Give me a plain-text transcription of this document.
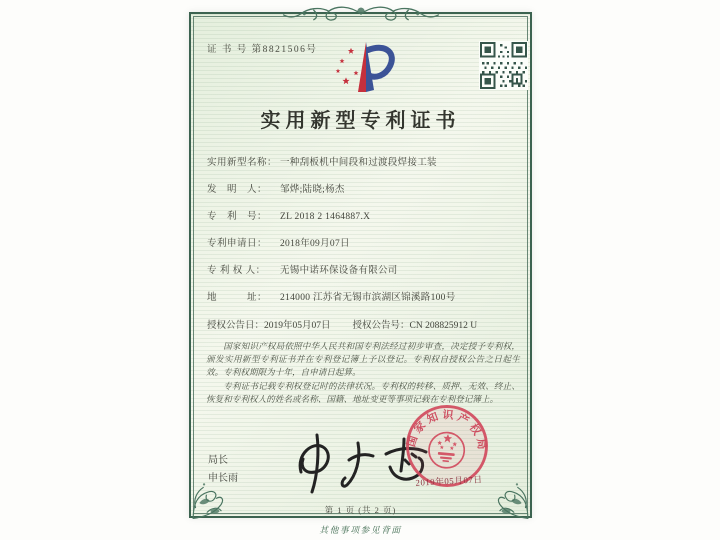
证 书 号 第8821506号
实用新型专利证书
实用新型名称： 一种刮板机中间段和过渡段焊接工装
发　明　人：	邹烨;陆晓;杨杰
专　利　号：	ZL 2018 2 1464887.X
专利申请日：	2018年09月07日
专 利 权 人：	无锡中诺环保设备有限公司
地　　　址：	214000 江苏省无锡市滨湖区锦溪路100号
授权公告日：2019年05月07日 授权公告号：CN 208825912 U

国家知识产权局依照中华人民共和国专利法经过初步审查，决定授予专利权，颁发实用新型专利证书并在专利登记簿上予以登记。专利权自授权公告之日起生效。专利权期限为十年，自申请日起算。

专利证书记载专利权登记时的法律状况。专利权的转移、质押、无效、终止、恢复和专利权人的姓名或名称、国籍、地址变更等事项记载在专利登记簿上。

局长
申长雨
国家知识产权局
2019年05月07日
第 1 页 (共 2 页)
其他事项参见背面
